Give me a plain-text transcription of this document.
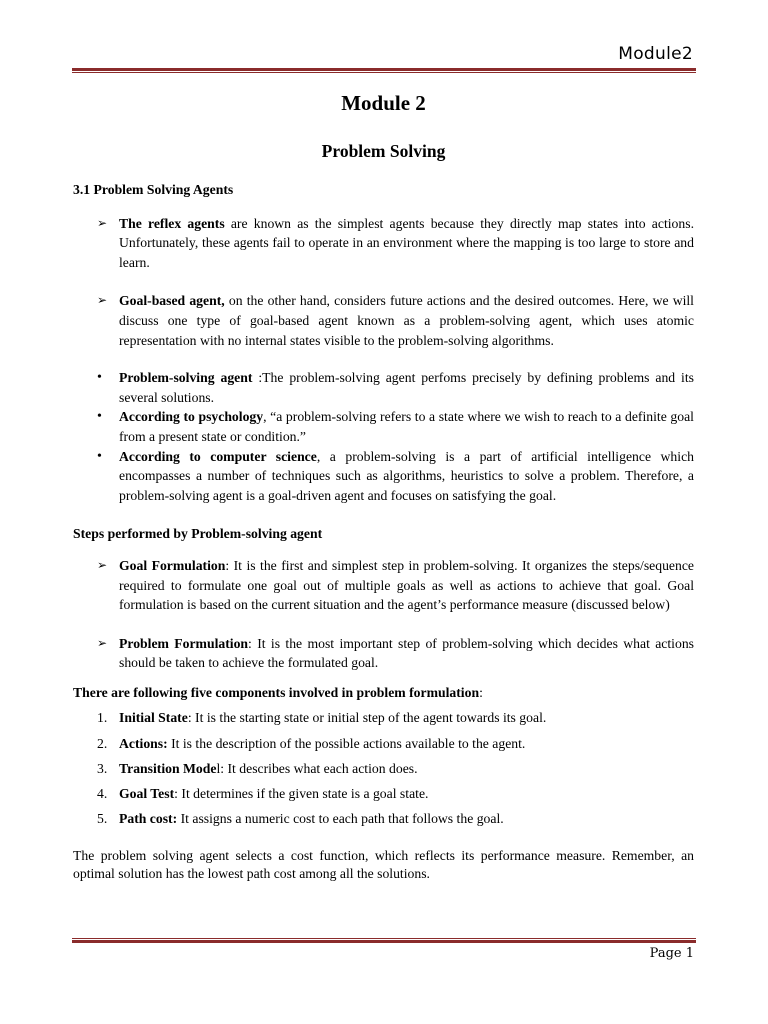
Module2
Module 2
Problem Solving
3.1 Problem Solving Agents
➢ The reflex agents are known as the simplest agents because they directly map states into actions. Unfortunately, these agents fail to operate in an environment where the mapping is too large to store and learn.
➢ Goal-based agent, on the other hand, considers future actions and the desired outcomes. Here, we will discuss one type of goal-based agent known as a problem-solving agent, which uses atomic representation with no internal states visible to the problem-solving algorithms.
• Problem-solving agent :The problem-solving agent perfoms precisely by defining problems and its several solutions.
• According to psychology, “a problem-solving refers to a state where we wish to reach to a definite goal from a present state or condition.”
• According to computer science, a problem-solving is a part of artificial intelligence which encompasses a number of techniques such as algorithms, heuristics to solve a problem. Therefore, a problem-solving agent is a goal-driven agent and focuses on satisfying the goal.
Steps performed by Problem-solving agent
➢ Goal Formulation: It is the first and simplest step in problem-solving. It organizes the steps/sequence required to formulate one goal out of multiple goals as well as actions to achieve that goal. Goal formulation is based on the current situation and the agent’s performance measure (discussed below)
➢ Problem Formulation: It is the most important step of problem-solving which decides what actions should be taken to achieve the formulated goal.
There are following five components involved in problem formulation:
1. Initial State: It is the starting state or initial step of the agent towards its goal.
2. Actions: It is the description of the possible actions available to the agent.
3. Transition Model: It describes what each action does.
4. Goal Test: It determines if the given state is a goal state.
5. Path cost: It assigns a numeric cost to each path that follows the goal.
The problem solving agent selects a cost function, which reflects its performance measure. Remember, an optimal solution has the lowest path cost among all the solutions.
Page 1
